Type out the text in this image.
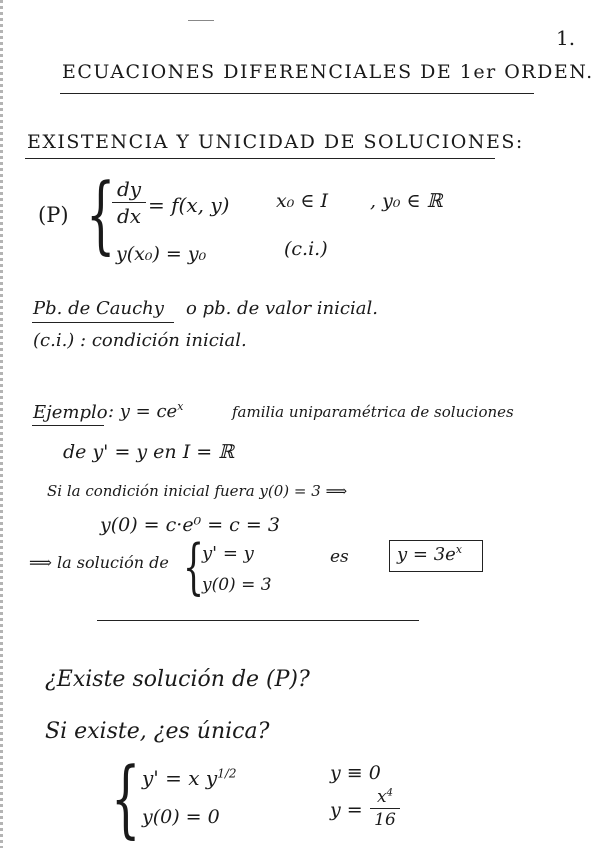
1.
ECUACIONES DIFERENCIALES DE 1er ORDEN.
EXISTENCIA Y UNICIDAD DE SOLUCIONES:
(P) { dy
dx = f(x, y) x₀ ∈ I , y₀ ∈ ℝ
y(x₀) = y₀	(c.i.)
Pb. de Cauchy o pb. de valor inicial.
(c.i.) : condición inicial.
Ejemplo : $y = ce^x$	familia uniparamétrica de soluciones
de y' = y en I = ℝ
Si la condición inicial fuera y(0) = 3 ⟹
y(0) = c·e⁰ = c = 3
⟹ la solución de {
y' = y
y(0) = 3
es	$y = 3e^x$
¿Existe solución de (P)?
Si existe, ¿es única?
{ y' = x $y^{1/2}$
y(0) = 0
y ≡ 0
y =
$x^4$
16
